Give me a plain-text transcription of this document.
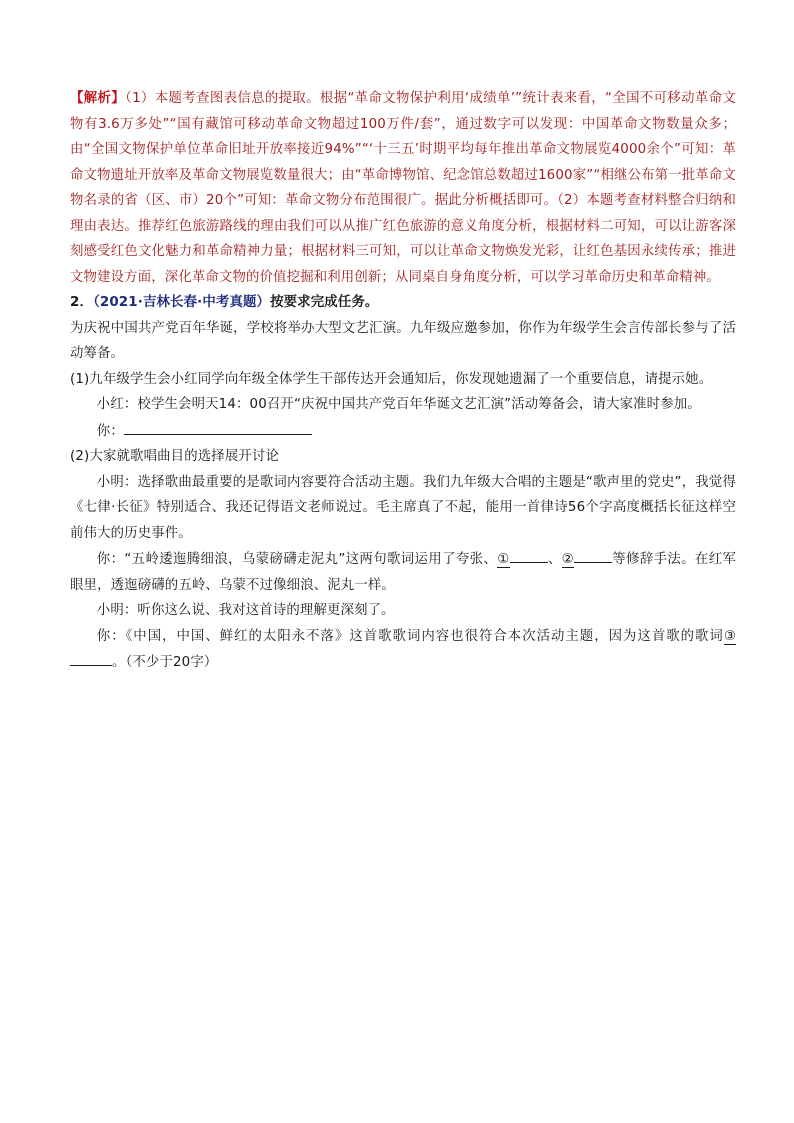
【解析】（1）本题考查图表信息的提取。根据“革命文物保护利用‘成绩单’”统计表来看，“全国不可移动革命文物有3.6万多处”“国有藏馆可移动革命文物超过100万件/套”，通过数字可以发现：中国革命文物数量众多；由“全国文物保护单位革命旧址开放率接近94%”“‘十三五’时期平均每年推出革命文物展览4000余个”可知：革命文物遗址开放率及革命文物展览数量很大；由“革命博物馆、纪念馆总数超过1600家”“相继公布第一批革命文物名录的省（区、市）20个”可知：革命文物分布范围很广。据此分析概括即可。（2）本题考查材料整合归纳和理由表达。推荐红色旅游路线的理由我们可以从推广红色旅游的意义角度分析，根据材料二可知，可以让游客深刻感受红色文化魅力和革命精神力量；根据材料三可知，可以让革命文物焕发光彩，让红色基因永续传承；推进文物建设方面，深化革命文物的价值挖掘和利用创新；从同桌自身角度分析，可以学习革命历史和革命精神。

2．（2021·吉林长春·中考真题）按要求完成任务。

为庆祝中国共产党百年华诞，学校将举办大型文艺汇演。九年级应邀参加，你作为年级学生会言传部长参与了活动筹备。

(1)九年级学生会小红同学向年级全体学生干部传达开会通知后，你发现她遗漏了一个重要信息，请提示她。

小红：校学生会明天14：00召开“庆祝中国共产党百年华诞文艺汇演”活动筹备会，请大家准时参加。

你：

(2)大家就歌唱曲目的选择展开讨论

小明：选择歌曲最重要的是歌词内容要符合活动主题。我们九年级大合唱的主题是“歌声里的党史”，我觉得《七律·长征》特别适合、我还记得语文老师说过。毛主席真了不起，能用一首律诗56个字高度概括长征这样空前伟大的历史事件。

你：“五岭逶迤腾细浪，乌蒙磅礴走泥丸”这两句歌词运用了夸张、①	、②	等修辞手法。在红军眼里，透迤磅礴的五岭、乌蒙不过像细浪、泥丸一样。

小明：听你这么说、我对这首诗的理解更深刻了。

你：《中国，中国、鲜红的太阳永不落》这首歌歌词内容也很符合本次活动主题，因为这首歌的歌词③。（不少于20字）
